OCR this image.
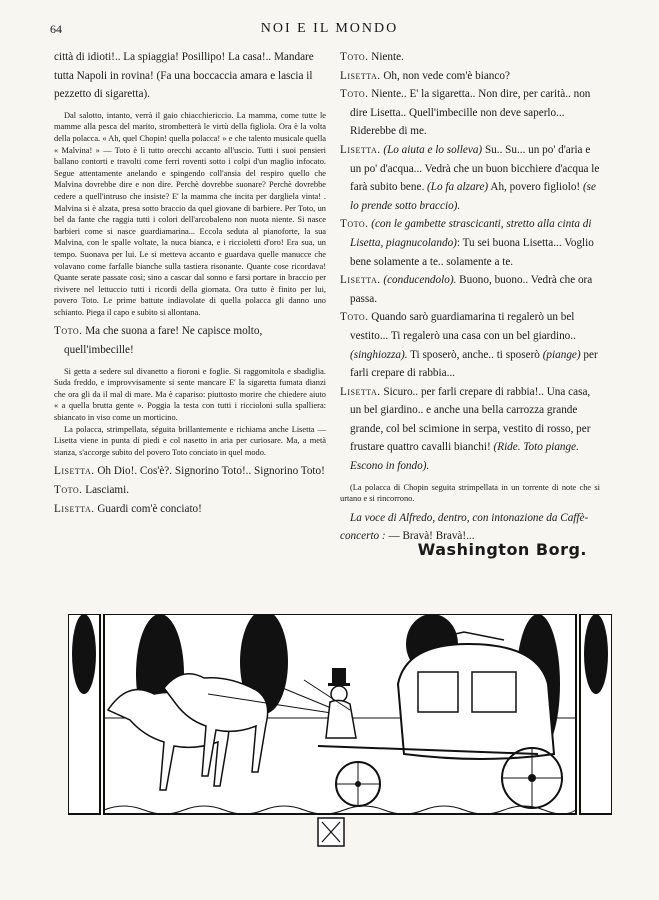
64	NOI E IL MONDO

città di idioti!.. La spiaggia! Posillipo! La casa!.. Mandare tutta Napoli in rovina! (Fa una boccaccia amara e lascia il pezzetto di sigaretta).

Dal salotto, intanto, verrà il gaio chiacchiericcio. La mamma, come tutte le mamme alla pesca del marito, strombetterà le virtù della figliola. Ora è la volta della polacca. « Ah, quel Chopin! quella polacca! » e che talento musicale quella « Malvina! » — Toto è lì tutto orecchi accanto all'uscio. Tutti i suoi pensieri ballano contorti e travolti come ferri roventi sotto i colpi d'un maglio infocato. Segue attentamente anelando e spingendo coll'ansia del respiro quello che Malvina dovrebbe dire e non dire. Perchè dovrebbe suonare? Perchè dovrebbe cedere a quell'intruso che insiste? E' la mamma che incita per dargliela vinta! . Malvina si è alzata, presa sotto braccio da quel giovane di barbiere. Per Toto, un bel da fante che raggia tutti i colori dell'arcobaleno non nuota niente. Si nasce barbieri come si nasce guardiamarina... Eccola seduta al pianoforte, la sua Malvina, con le spalle voltate, la nuca bianca, e i riccioletti d'oro! Era sua, un tempo. Suonava per lui. Le si metteva accanto e guardava quelle manucce che volavano come farfalle bianche sulla tastiera risonante. Quante cose ricordava! Quante serate passate così; sino a cascar dal sonno e farsi portare in braccio per rivivere nel lettuccio tutti i ricordi della giornata. Ora tutto è finito per lui, povero Toto. Le prime battute indiavolate di quella polacca gli danno uno schianto. Piega il capo e subito si allontana.

Toto. Ma che suona a fare! Ne capisce molto, quell'imbecille!

Si getta a sedere sul divanetto a fioroni e foglie. Si raggomitola e sbadiglia. Suda freddo, e improvvisamente si sente mancare E' la sigaretta fumata dianzi che ora gli da il mal di mare. Ma è capariso: piuttosto morire che chiedere aiuto « a quella brutta gente ». Poggia la testa con tutti i riccioloni sulla spalliera: sbiancato in viso come un morticino.

La polacca, strimpellata, séguita brillantemente e richiama anche Lisetta — Lisetta viene in punta di piedi e col nasetto in aria per curiosare. Ma, a metà stanza, s'accorge subito del povero Toto conciato in quel modo.

Lisetta. Oh Dio!. Cos'è?. Signorino Toto!.. Signorino Toto!

Toto. Lasciami.

Lisetta. Guardi com'è conciato!

Toto. Niente.

Lisetta. Oh, non vede com'è bianco?

Toto. Niente.. E' la sigaretta.. Non dire, per carità.. non dire Lisetta.. Quell'imbecille non deve saperlo... Riderebbe di me.

Lisetta. (Lo aiuta e lo solleva) Su.. Su... un po' d'aria e un po' d'acqua... Vedrà che un buon bicchiere d'acqua le farà subito bene. (Lo fa alzare) Ah, povero figliolo! (se lo prende sotto braccio).

Toto. (con le gambette strascicanti, stretto alla cinta di Lisetta, piagnucolando): Tu sei buona Lisetta... Voglio bene solamente a te.. solamente a te.

Lisetta. (conducendolo). Buono, buono.. Vedrà che ora passa.

Toto. Quando sarò guardiamarina ti regalerò un bel vestito... Ti regalerò una casa con un bel giardino.. (singhiozza). Ti sposerò, anche.. ti sposerò (piange) per farli crepare di rabbia...

Lisetta. Sicuro.. per farli crepare di rabbia!.. Una casa, un bel giardino.. e anche una bella carrozza grande grande, col bel scimione in serpa, vestito di rosso, per frustare quattro cavalli bianchi! (Ride. Toto piange. Escono in fondo).

(La polacca di Chopin seguita strimpellata in un torrente di note che si urtano e si rincorrono.

La voce di Alfredo, dentro, con intonazione da Caffè-concerto : — Bravà! Bravà!...

Washington Borg.
